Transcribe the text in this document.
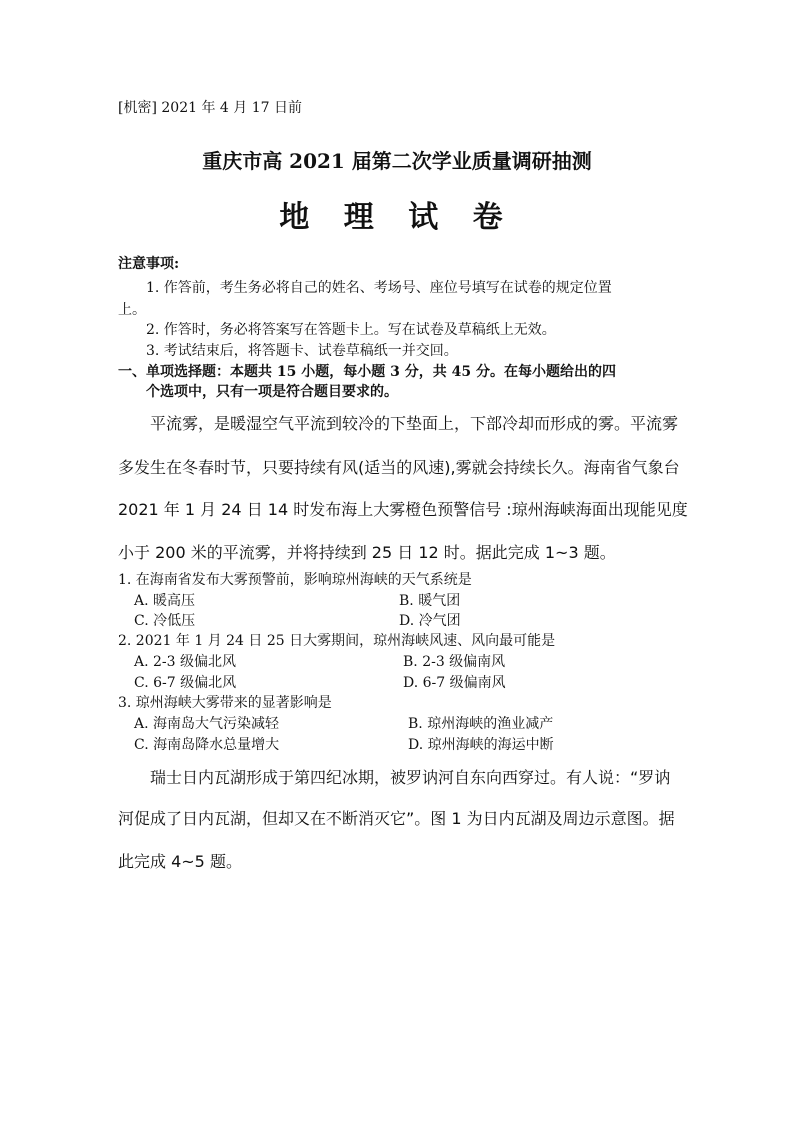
[机密] 2021 年 4 月 17 日前
重庆市高 2021 届第二次学业质量调研抽测
地 理 试 卷
注意事项:
1. 作答前，考生务必将自己的姓名、考场号、座位号填写在试卷的规定位置
上。
2. 作答时，务必将答案写在答题卡上。写在试卷及草稿纸上无效。
3. 考试结束后，将答题卡、试卷草稿纸一并交回。
一、单项选择题：本题共 15 小题，每小题 3 分，共 45 分。在每小题给出的四
个选项中，只有一项是符合题目要求的。
平流雾，是暖湿空气平流到较冷的下垫面上，下部冷却而形成的雾。平流雾
多发生在冬春时节，只要持续有风(适当的风速),雾就会持续长久。海南省气象台
2021 年 1 月 24 日 14 时发布海上大雾橙色预警信号 :琼州海峡海面出现能见度
小于 200 米的平流雾，并将持续到 25 日 12 时。据此完成 1~3 题。
1. 在海南省发布大雾预警前，影响琼州海峡的天气系统是
A. 暖高压	B. 暖气团
C. 冷低压	D. 冷气团
2. 2021 年 1 月 24 日 25 日大雾期间，琼州海峡风速、风向最可能是
A. 2-3 级偏北风	B. 2-3 级偏南风
C. 6-7 级偏北风	D. 6-7 级偏南风
3. 琼州海峡大雾带来的显著影响是
A. 海南岛大气污染减轻	B. 琼州海峡的渔业减产
C. 海南岛降水总量增大	D. 琼州海峡的海运中断
瑞士日内瓦湖形成于第四纪冰期，被罗讷河自东向西穿过。有人说：“罗讷
河促成了日内瓦湖，但却又在不断消灭它”。图 1 为日内瓦湖及周边示意图。据
此完成 4~5 题。
